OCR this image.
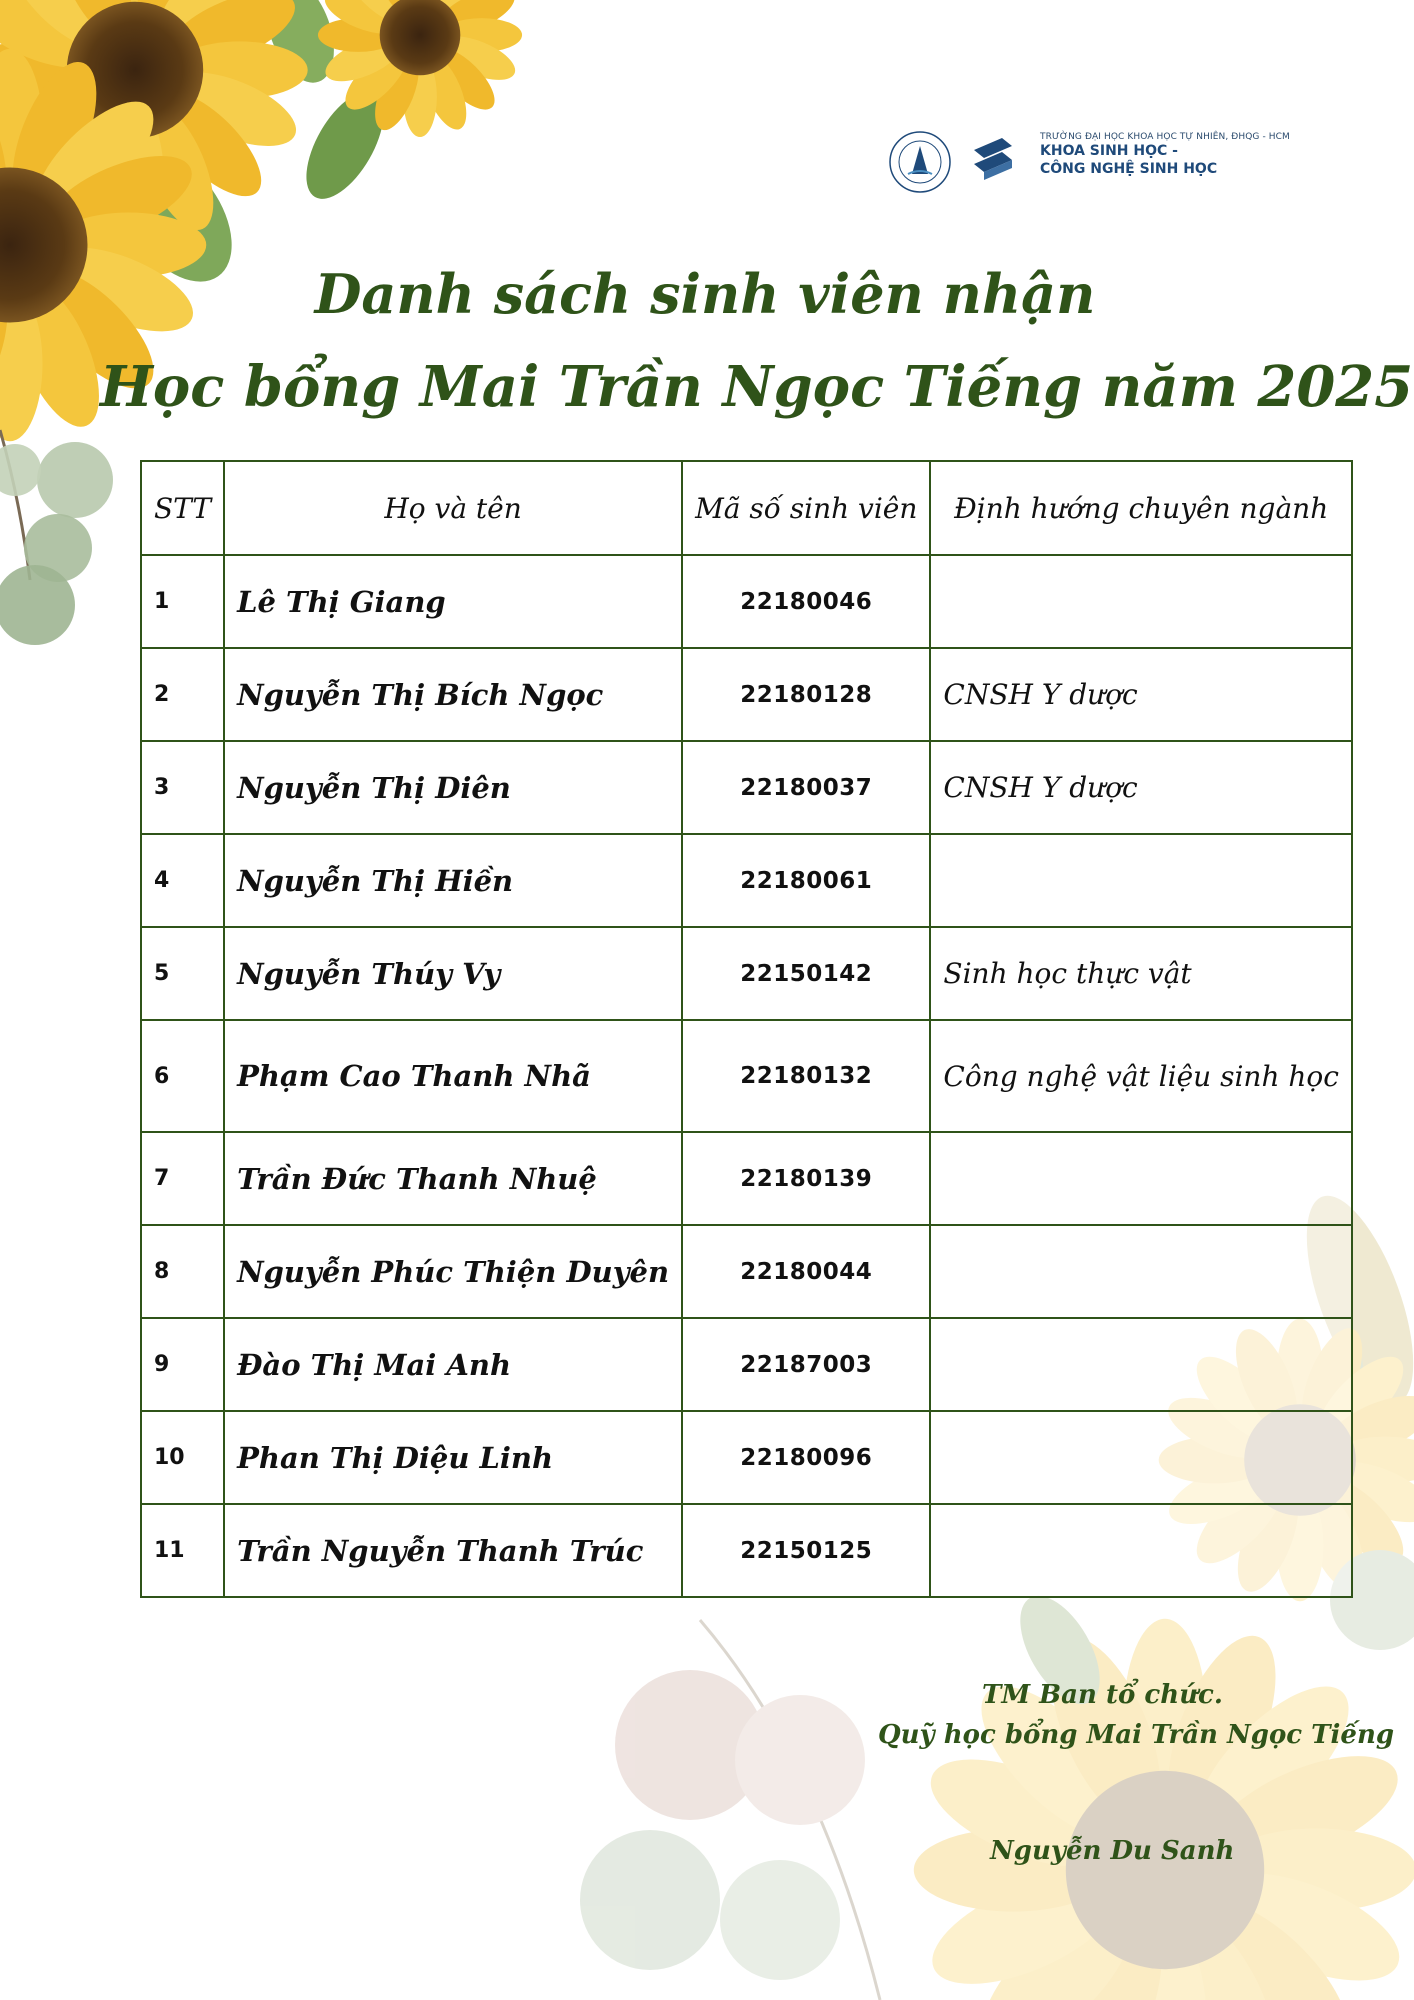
TRƯỜNG ĐẠI HỌC KHOA HỌC TỰ NHIÊN, ĐHQG - HCM
KHOA SINH HỌC -
CÔNG NGHỆ SINH HỌC
Danh sách sinh viên nhận
Học bổng Mai Trần Ngọc Tiếng năm 2025
STT	Họ và tên	Mã số sinh viên	Định hướng chuyên ngành
1	Lê Thị Giang	22180046	
2	Nguyễn Thị Bích Ngọc	22180128	CNSH Y dược
3	Nguyễn Thị Diên	22180037	CNSH Y dược
4	Nguyễn Thị Hiền	22180061	
5	Nguyễn Thúy Vy	22150142	Sinh học thực vật
6	Phạm Cao Thanh Nhã	22180132	Công nghệ vật liệu sinh học
7	Trần Đức Thanh Nhuệ	22180139	
8	Nguyễn Phúc Thiện Duyên	22180044	
9	Đào Thị Mai Anh	22187003	
10	Phan Thị Diệu Linh	22180096	
11	Trần Nguyễn Thanh Trúc	22150125	
TM Ban tổ chức.
Quỹ học bổng Mai Trần Ngọc Tiếng
Nguyễn Du Sanh
